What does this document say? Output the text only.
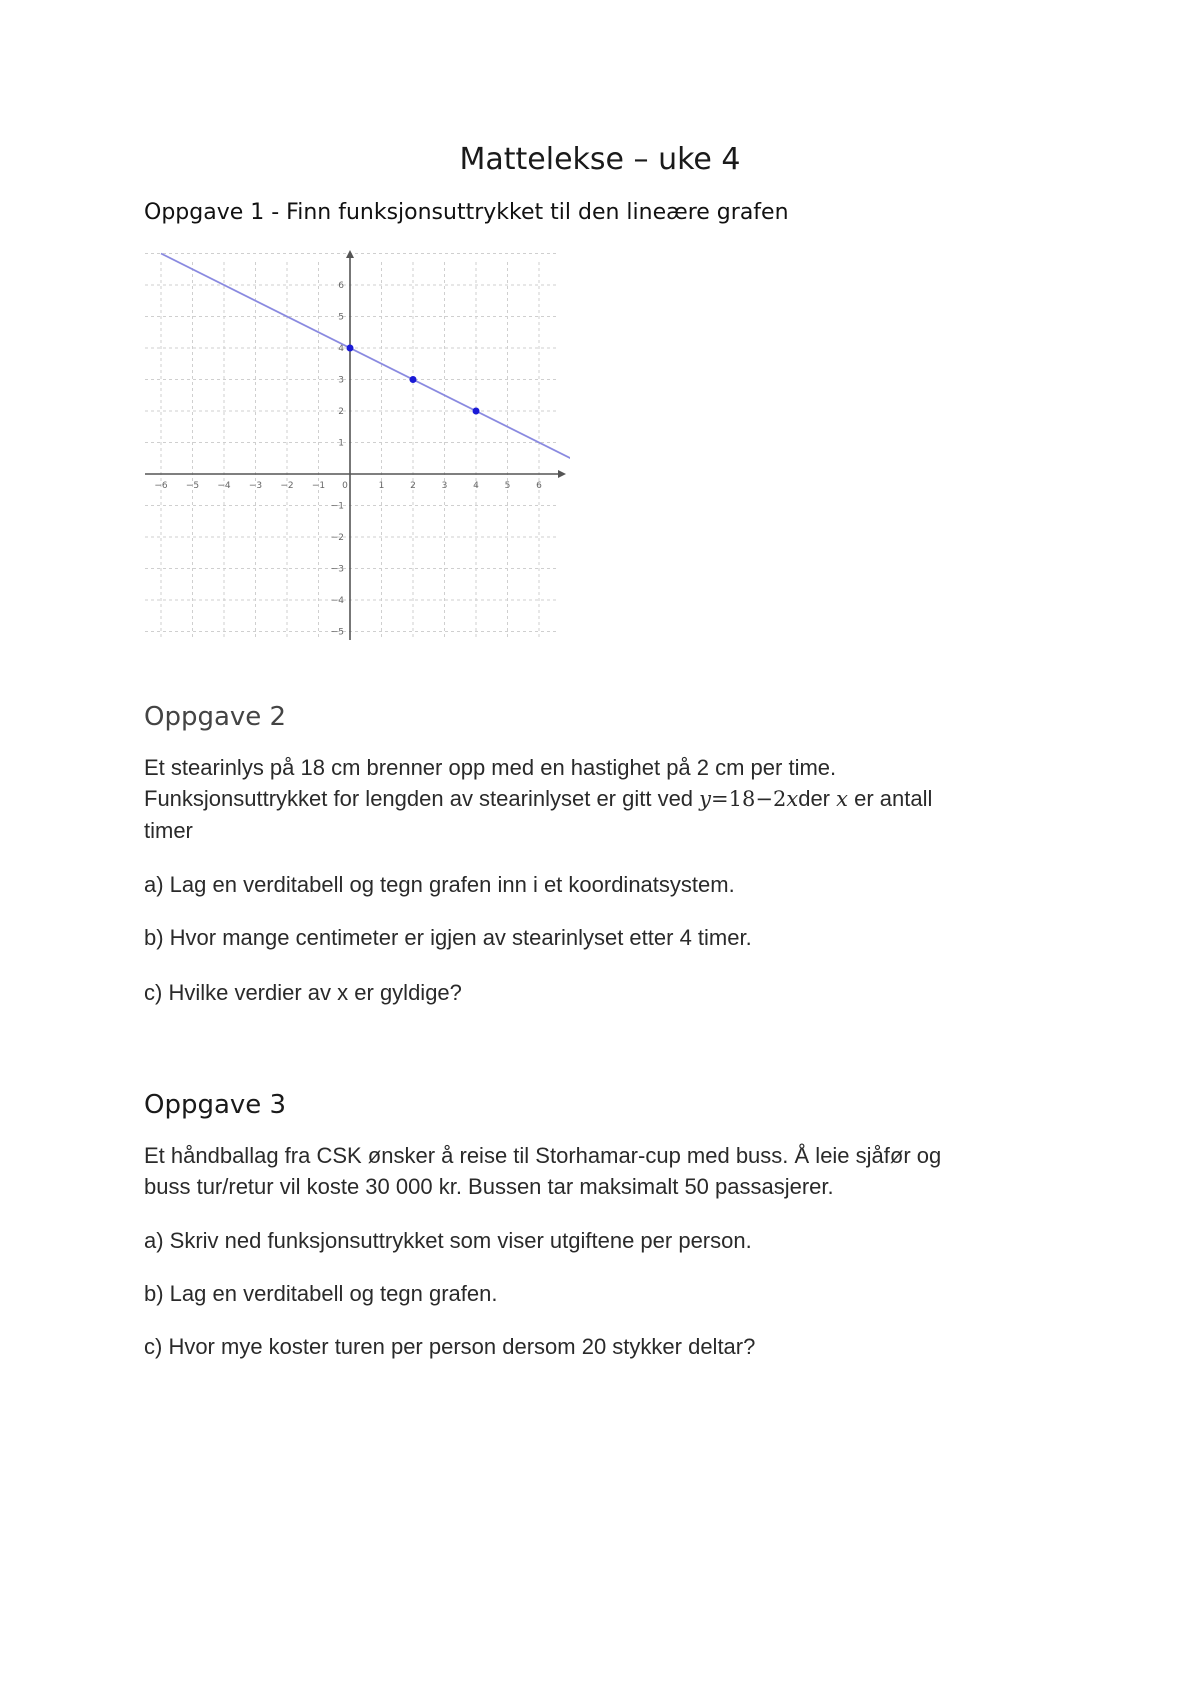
Mattelekse – uke 4
Oppgave 1 - Finn funksjonsuttrykket til den lineære grafen
−6 −5 −4 −3 −2 −1 0	1	2	3	4	5	6
−5
−4
−3
−2
−1
1
2
3
4
5
6
Oppgave 2
Et stearinlys på 18 cm brenner opp med en hastighet på 2 cm per time.
Funksjonsuttrykket for lengden av stearinlyset er gitt ved y=18−2xder x er antall
timer
a) Lag en verditabell og tegn grafen inn i et koordinatsystem.
b) Hvor mange centimeter er igjen av stearinlyset etter 4 timer.
c) Hvilke verdier av x er gyldige?
Oppgave 3
Et håndballag fra CSK ønsker å reise til Storhamar-cup med buss. Å leie sjåfør og
buss tur/retur vil koste 30 000 kr. Bussen tar maksimalt 50 passasjerer.
a) Skriv ned funksjonsuttrykket som viser utgiftene per person.
b) Lag en verditabell og tegn grafen.
c) Hvor mye koster turen per person dersom 20 stykker deltar?
